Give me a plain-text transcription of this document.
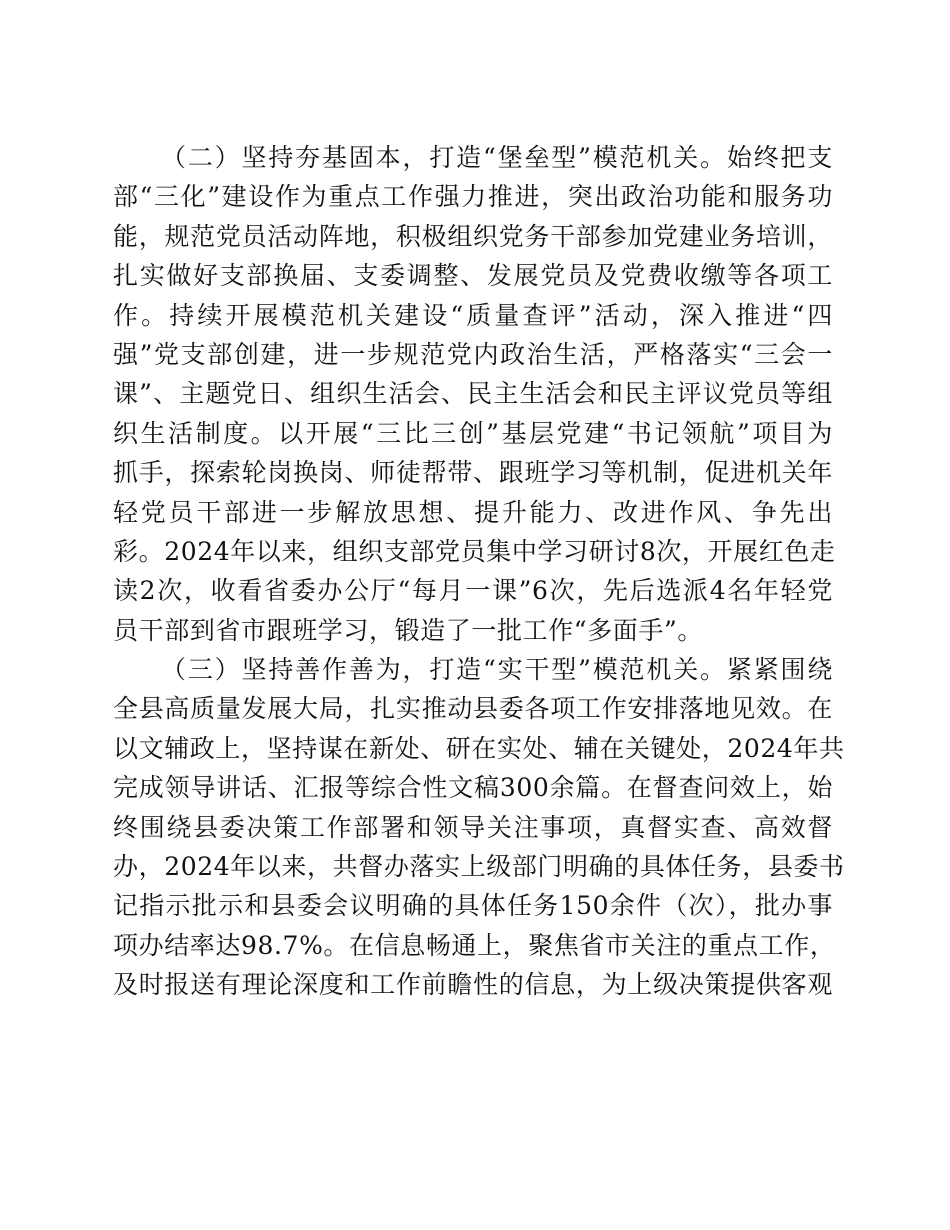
（二）坚持夯基固本，打造“堡垒型”模范机关。始终把支
部“三化”建设作为重点工作强力推进，突出政治功能和服务功
能，规范党员活动阵地，积极组织党务干部参加党建业务培训，
扎实做好支部换届、支委调整、发展党员及党费收缴等各项工
作。持续开展模范机关建设“质量查评”活动，深入推进“四
强”党支部创建，进一步规范党内政治生活，严格落实“三会一
课”、主题党日、组织生活会、民主生活会和民主评议党员等组
织生活制度。以开展“三比三创”基层党建“书记领航”项目为
抓手，探索轮岗换岗、师徒帮带、跟班学习等机制，促进机关年
轻党员干部进一步解放思想、提升能力、改进作风、争先出
彩。2024年以来，组织支部党员集中学习研讨8次，开展红色走
读2次，收看省委办公厅“每月一课”6次，先后选派4名年轻党
员干部到省市跟班学习，锻造了一批工作“多面手”。
（三）坚持善作善为，打造“实干型”模范机关。紧紧围绕
全县高质量发展大局，扎实推动县委各项工作安排落地见效。在
以文辅政上，坚持谋在新处、研在实处、辅在关键处，2024年共
完成领导讲话、汇报等综合性文稿300余篇。在督查问效上，始
终围绕县委决策工作部署和领导关注事项，真督实查、高效督
办，2024年以来，共督办落实上级部门明确的具体任务，县委书
记指示批示和县委会议明确的具体任务150余件（次），批办事
项办结率达98.7%。在信息畅通上，聚焦省市关注的重点工作，
及时报送有理论深度和工作前瞻性的信息，为上级决策提供客观
